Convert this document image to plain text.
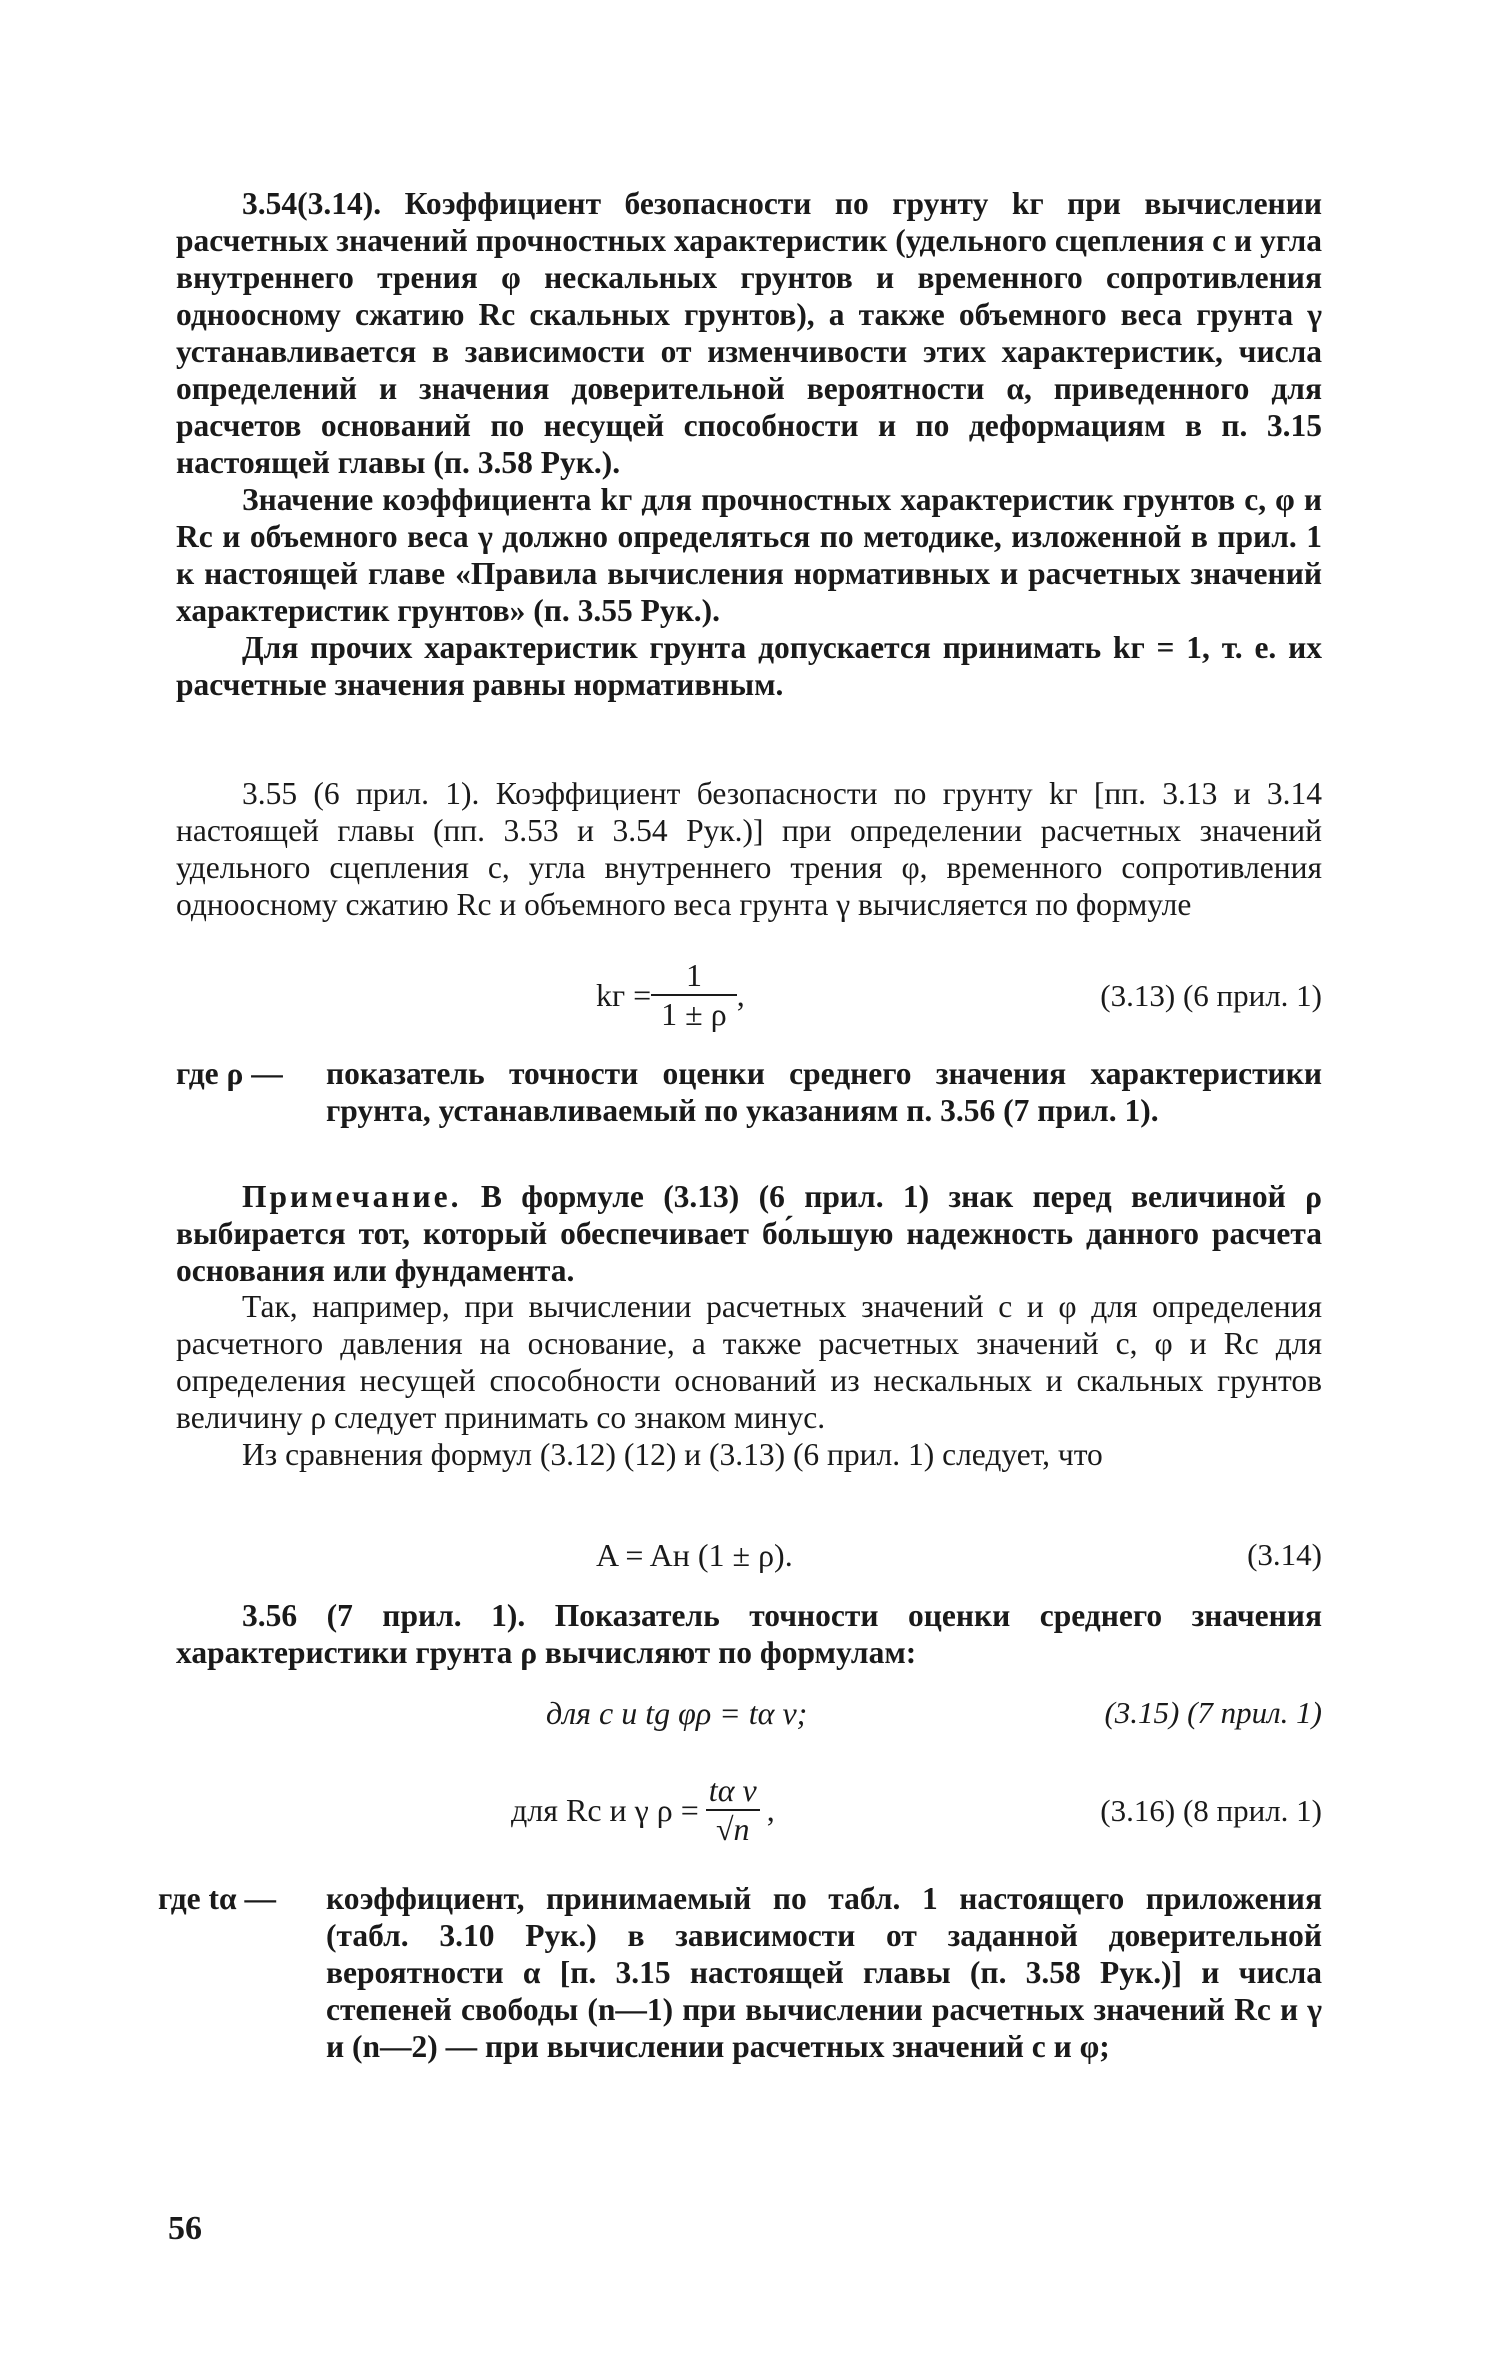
3.54(3.14). Коэффициент безопасности по грунту kг при вычислении расчетных значений прочностных характеристик (удельного сцепления c и угла внутреннего трения φ нескальных грунтов и временного сопротивления одноосному сжатию Rc скальных грунтов), а также объемного веса грунта γ устанавливается в зависимости от изменчивости этих характеристик, числа определений и значения доверительной вероятности α, приведенного для расчетов оснований по несущей способности и по деформациям в п. 3.15 настоящей главы (п. 3.58 Рук.).

Значение коэффициента kг для прочностных характеристик грунтов c, φ и Rc и объемного веса γ должно определяться по методике, изложенной в прил. 1 к настоящей главе «Правила вычисления нормативных и расчетных значений характеристик грунтов» (п. 3.55 Рук.).

Для прочих характеристик грунта допускается принимать kг = 1, т. е. их расчетные значения равны нормативным.

3.55 (6 прил. 1). Коэффициент безопасности по грунту kг [пп. 3.13 и 3.14 настоящей главы (пп. 3.53 и 3.54 Рук.)] при определении расчетных значений удельного сцепления c, угла внутреннего трения φ, временного сопротивления одноосному сжатию Rc и объемного веса грунта γ вычисляется по формуле

kг = $\frac{1}{1 \pm \rho}$ ,	(3.13) (6 прил. 1)
где ρ — показатель точности оценки среднего значения характеристики грунта, устанавливаемый по указаниям п. 3.56 (7 прил. 1).

Примечание. В формуле (3.13) (6 прил. 1) знак перед величиной ρ выбирается тот, который обеспечивает бо́льшую надежность данного расчета основания или фундамента.

Так, например, при вычислении расчетных значений c и φ для определения расчетного давления на основание, а также расчетных значений c, φ и Rc для определения несущей способности оснований из нескальных и скальных грунтов величину ρ следует принимать со знаком минус.

Из сравнения формул (3.12) (12) и (3.13) (6 прил. 1) следует, что

A = Aн (1 ± ρ).	(3.14)

3.56 (7 прил. 1). Показатель точности оценки среднего значения характеристики грунта ρ вычисляют по формулам:

для c и tg φρ = tα v;	(3.15) (7 прил. 1)
для Rc и γ $\rho = \frac{\text{tα v}}{√n}$ ,	(3.16) (8 прил. 1)
где tα — коэффициент, принимаемый по табл. 1 настоящего приложения (табл. 3.10 Рук.) в зависимости от заданной доверительной вероятности α [п. 3.15 настоящей главы (п. 3.58 Рук.)] и числа степеней свободы (n—1) при вычислении расчетных значений Rc и γ и (n—2) — при вычислении расчетных значений c и φ;
56
